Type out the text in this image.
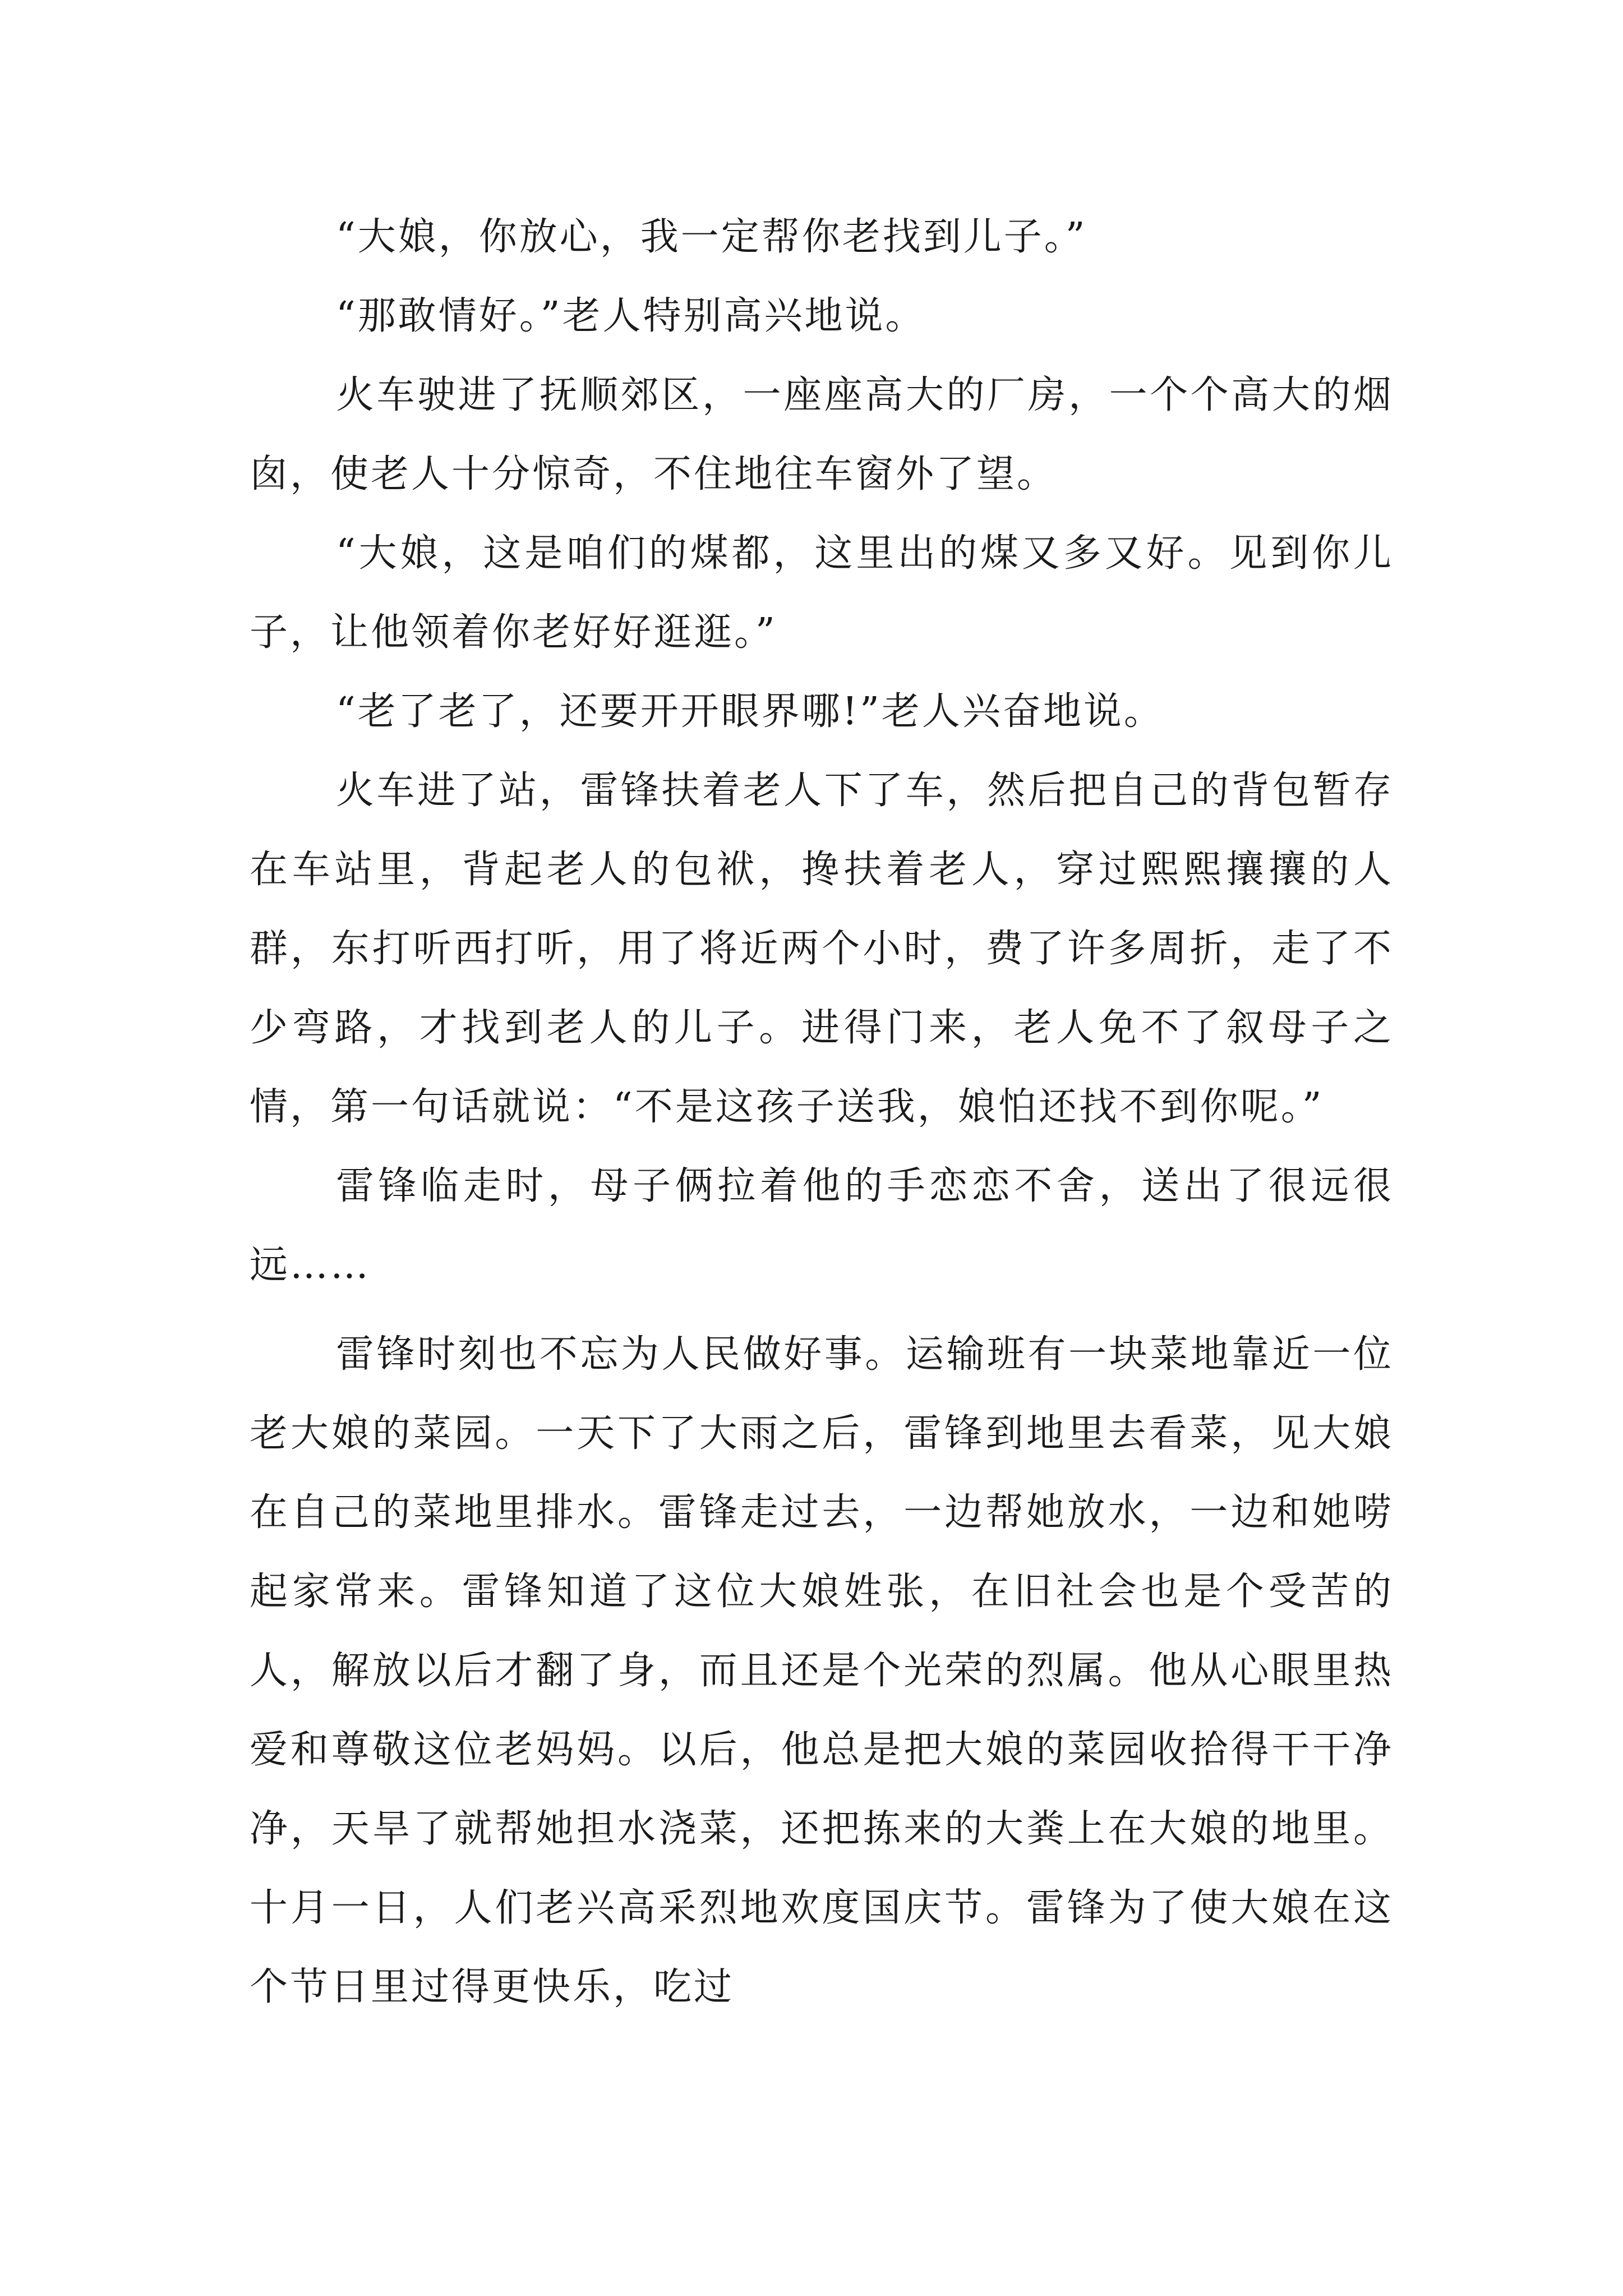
“大娘，你放心，我一定帮你老找到儿子。”

“那敢情好。”老人特别高兴地说。

火车驶进了抚顺郊区，一座座高大的厂房，一个个高大的烟囱，使老人十分惊奇，不住地往车窗外了望。

“大娘，这是咱们的煤都，这里出的煤又多又好。见到你儿子，让他领着你老好好逛逛。”

“老了老了，还要开开眼界哪!”老人兴奋地说。

火车进了站，雷锋扶着老人下了车，然后把自己的背包暂存在车站里，背起老人的包袱，搀扶着老人，穿过熙熙攘攘的人群，东打听西打听，用了将近两个小时，费了许多周折，走了不少弯路，才找到老人的儿子。进得门来，老人免不了叙母子之情，第一句话就说：“不是这孩子送我，娘怕还找不到你呢。”

雷锋临走时，母子俩拉着他的手恋恋不舍，送出了很远很远……

雷锋时刻也不忘为人民做好事。运输班有一块菜地靠近一位老大娘的菜园。一天下了大雨之后，雷锋到地里去看菜，见大娘在自己的菜地里排水。雷锋走过去，一边帮她放水，一边和她唠起家常来。雷锋知道了这位大娘姓张，在旧社会也是个受苦的人，解放以后才翻了身，而且还是个光荣的烈属。他从心眼里热爱和尊敬这位老妈妈。以后，他总是把大娘的菜园收拾得干干净净，天旱了就帮她担水浇菜，还把拣来的大粪上在大娘的地里。十月一日，人们老兴高采烈地欢度国庆节。雷锋为了使大娘在这个节日里过得更快乐，吃过
